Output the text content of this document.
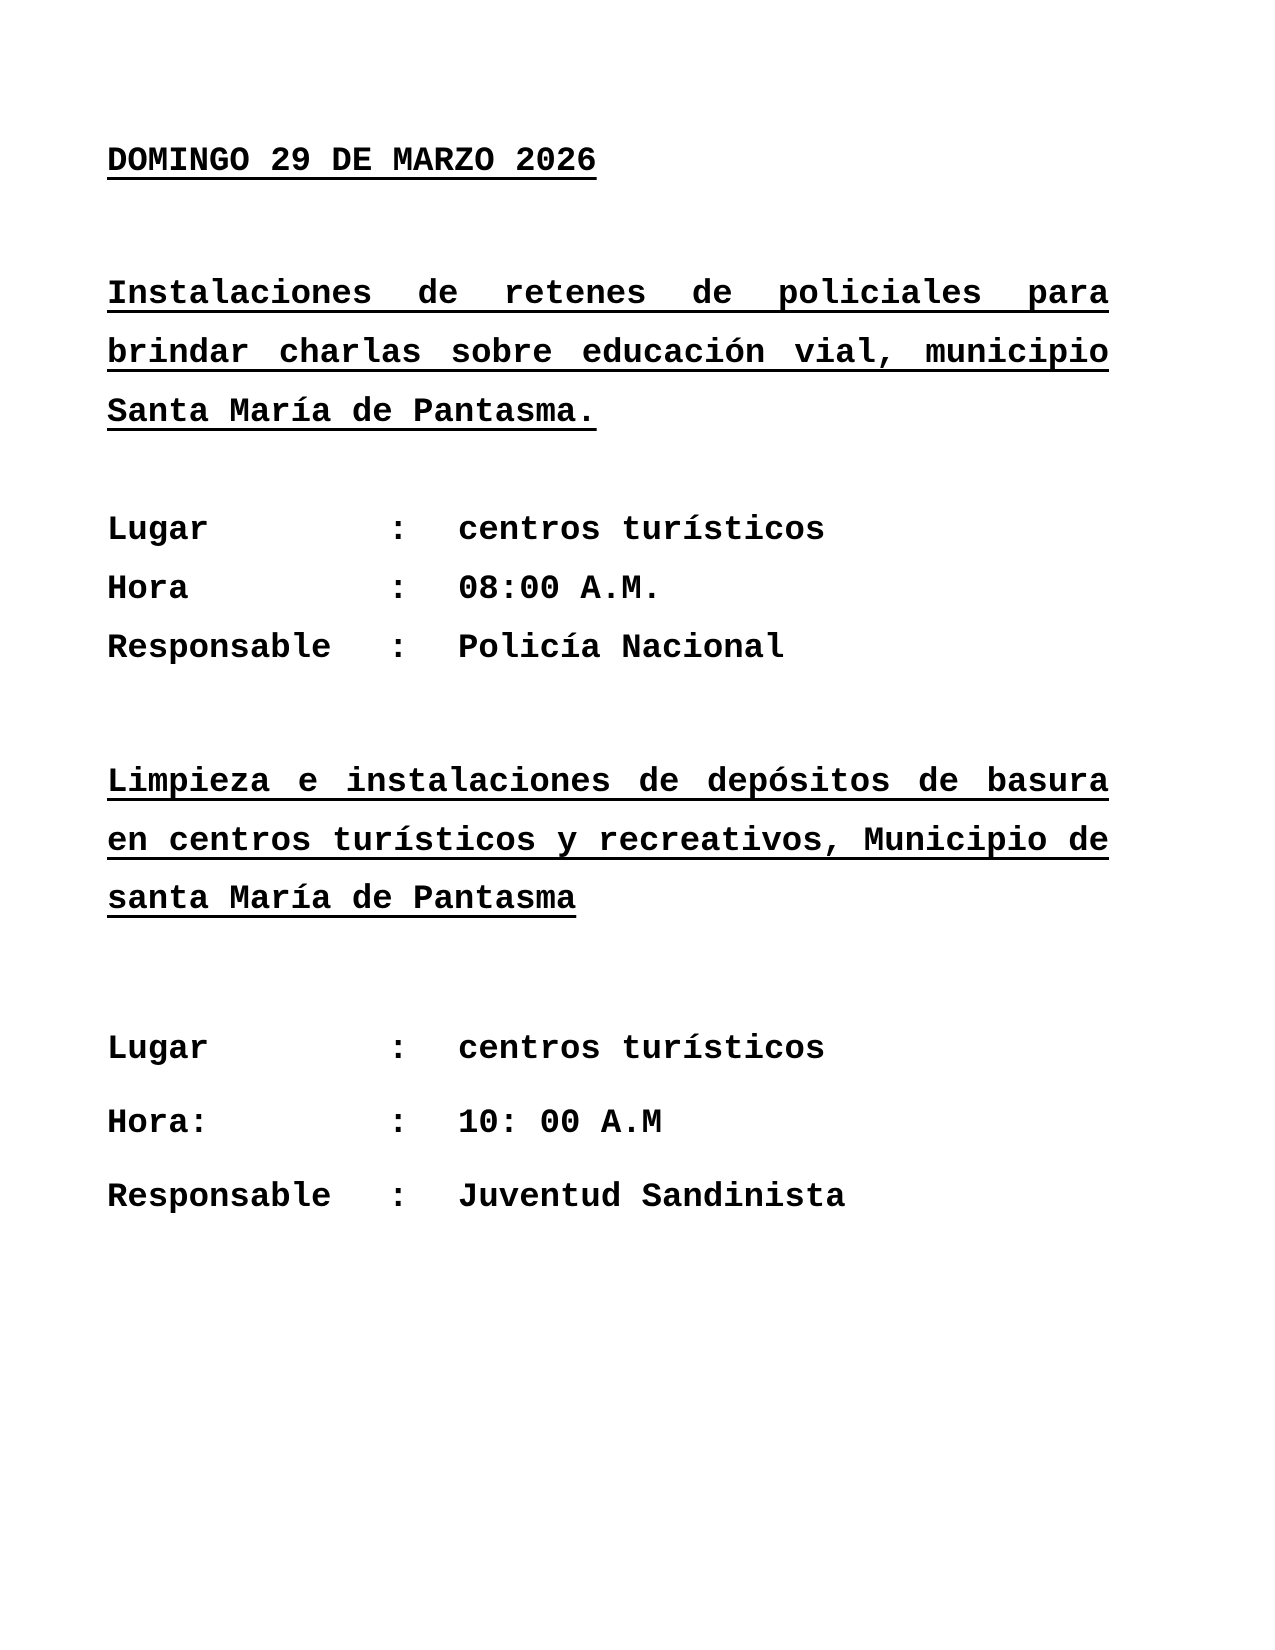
DOMINGO 29 DE MARZO 2026
Instalaciones de retenes de policiales para
brindar charlas sobre educación vial, municipio
Santa María de Pantasma.
Lugar	: centros turísticos
Hora	: 08:00 A.M.
Responsable : Policía Nacional
Limpieza e instalaciones de depósitos de basura
en centros turísticos y recreativos, Municipio de
santa María de Pantasma
Lugar	: centros turísticos
Hora:	: 10: 00 A.M
Responsable : Juventud Sandinista
